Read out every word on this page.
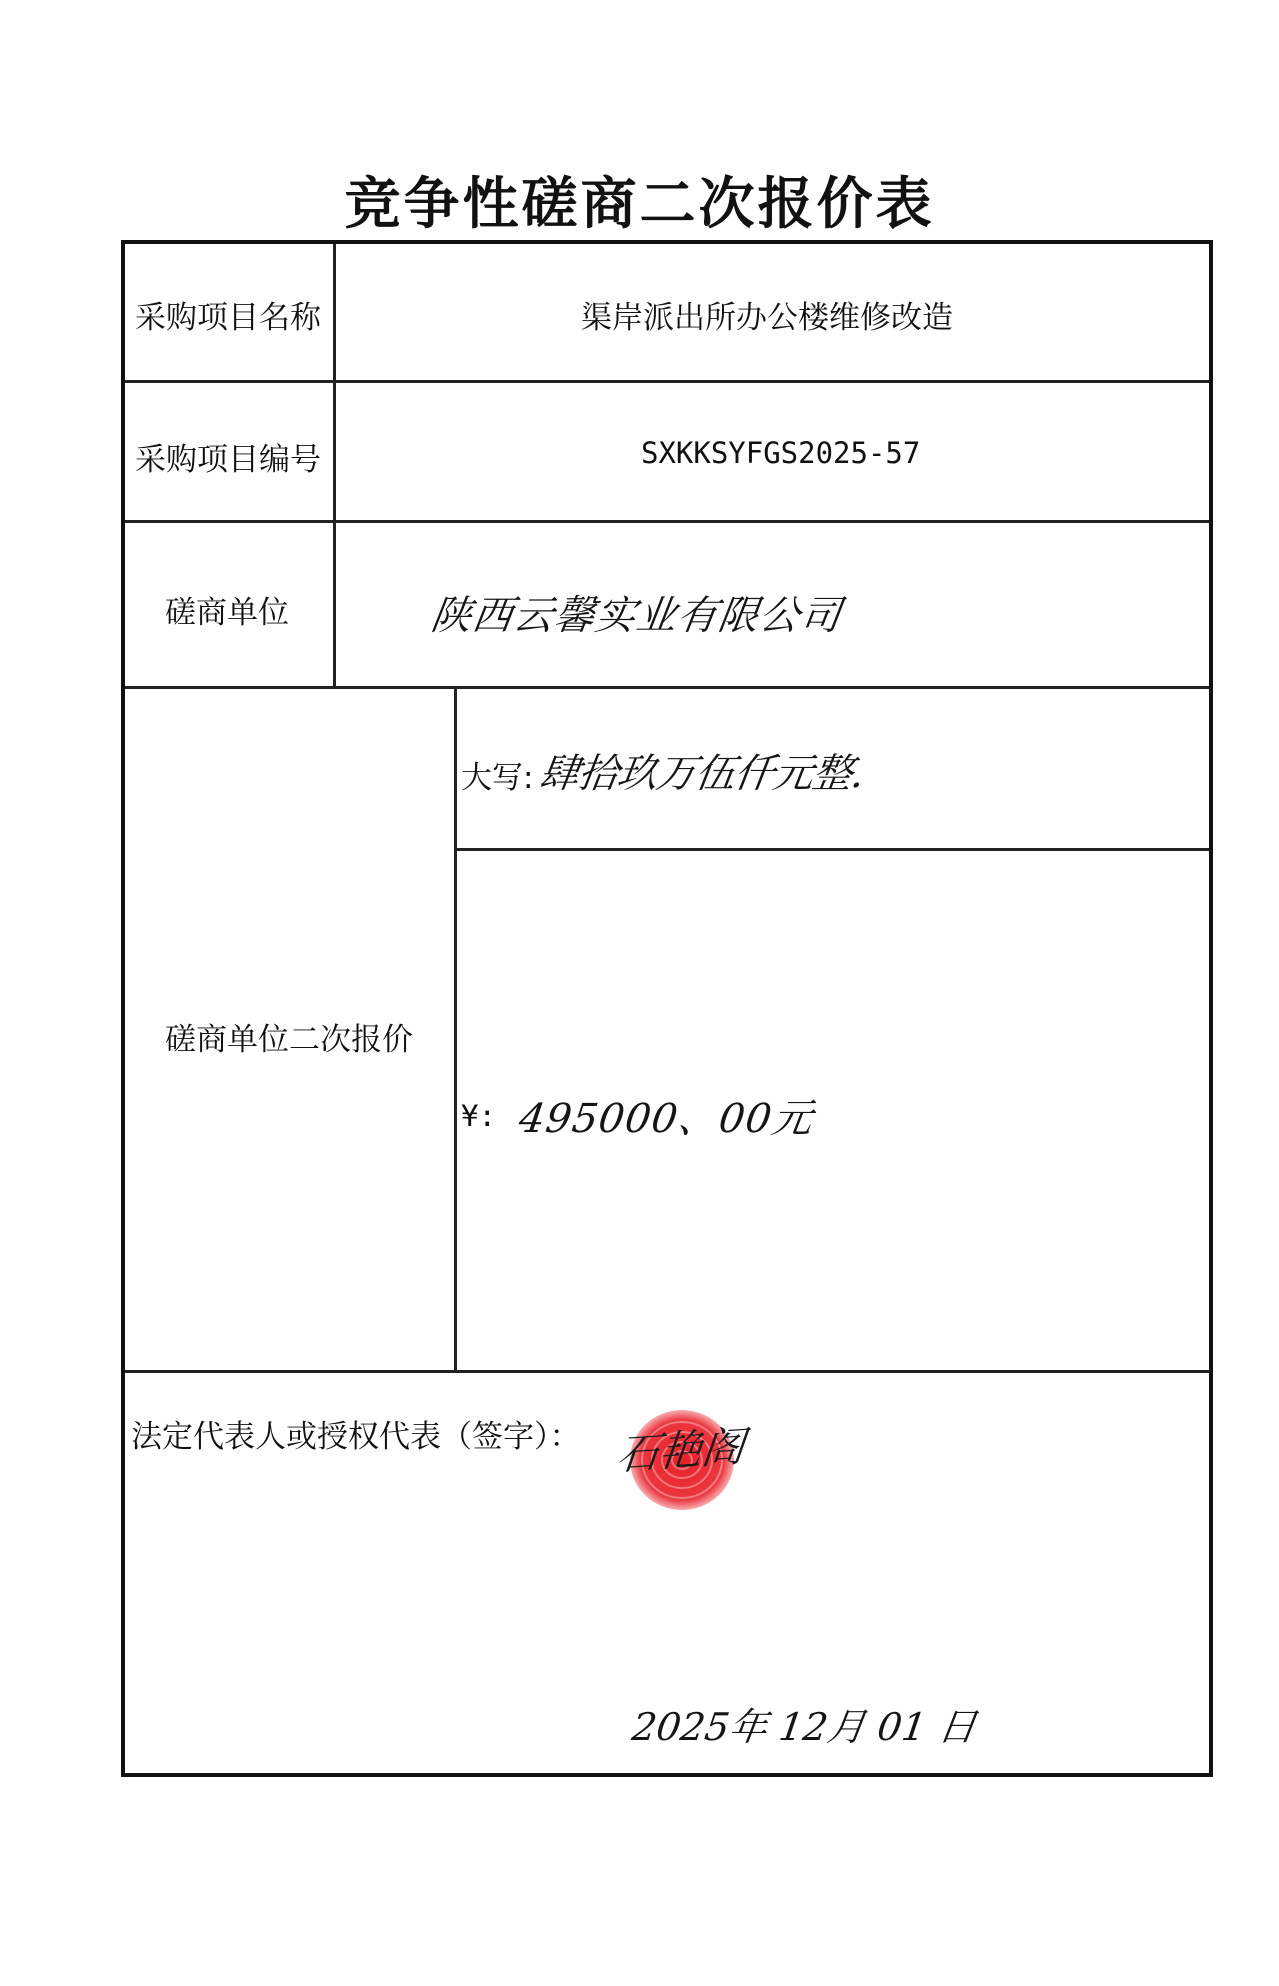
竞争性磋商二次报价表
采购项目名称	渠岸派出所办公楼维修改造
采购项目编号	SXKKSYFGS2025-57
磋商单位	陕西云馨实业有限公司
磋商单位二次报价
大写: 肆拾玖万伍仟元整.
¥: 495000、00元
法定代表人或授权代表（签字）：
2025年 12月 01 日
石艳阁
